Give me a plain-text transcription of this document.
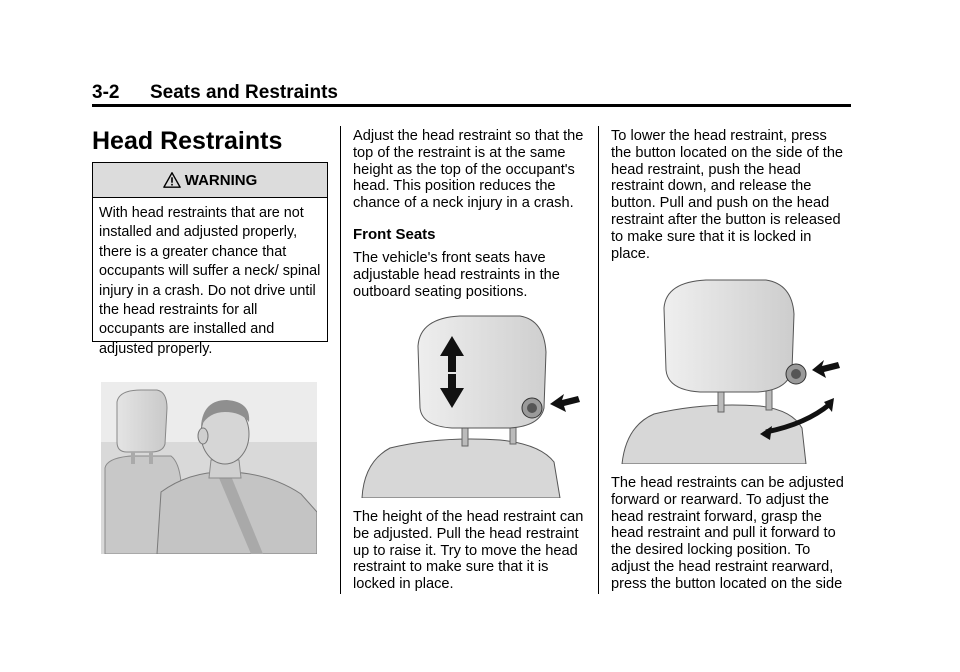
3-2 Seats and Restraints
Head Restraints
WARNING
With head restraints that are not installed and adjusted properly, there is a greater chance that occupants will suffer a neck/ spinal injury in a crash. Do not drive until the head restraints for all occupants are installed and adjusted properly.

Adjust the head restraint so that the top of the restraint is at the same height as the top of the occupant's head. This position reduces the chance of a neck injury in a crash.

Front Seats

The vehicle's front seats have adjustable head restraints in the outboard seating positions.

The height of the head restraint can be adjusted. Pull the head restraint up to raise it. Try to move the head restraint to make sure that it is locked in place.

To lower the head restraint, press the button located on the side of the head restraint, push the head restraint down, and release the button. Pull and push on the head restraint after the button is released to make sure that it is locked in place.

The head restraints can be adjusted forward or rearward. To adjust the head restraint forward, grasp the head restraint and pull it forward to the desired locking position. To adjust the head restraint rearward, press the button located on the side
